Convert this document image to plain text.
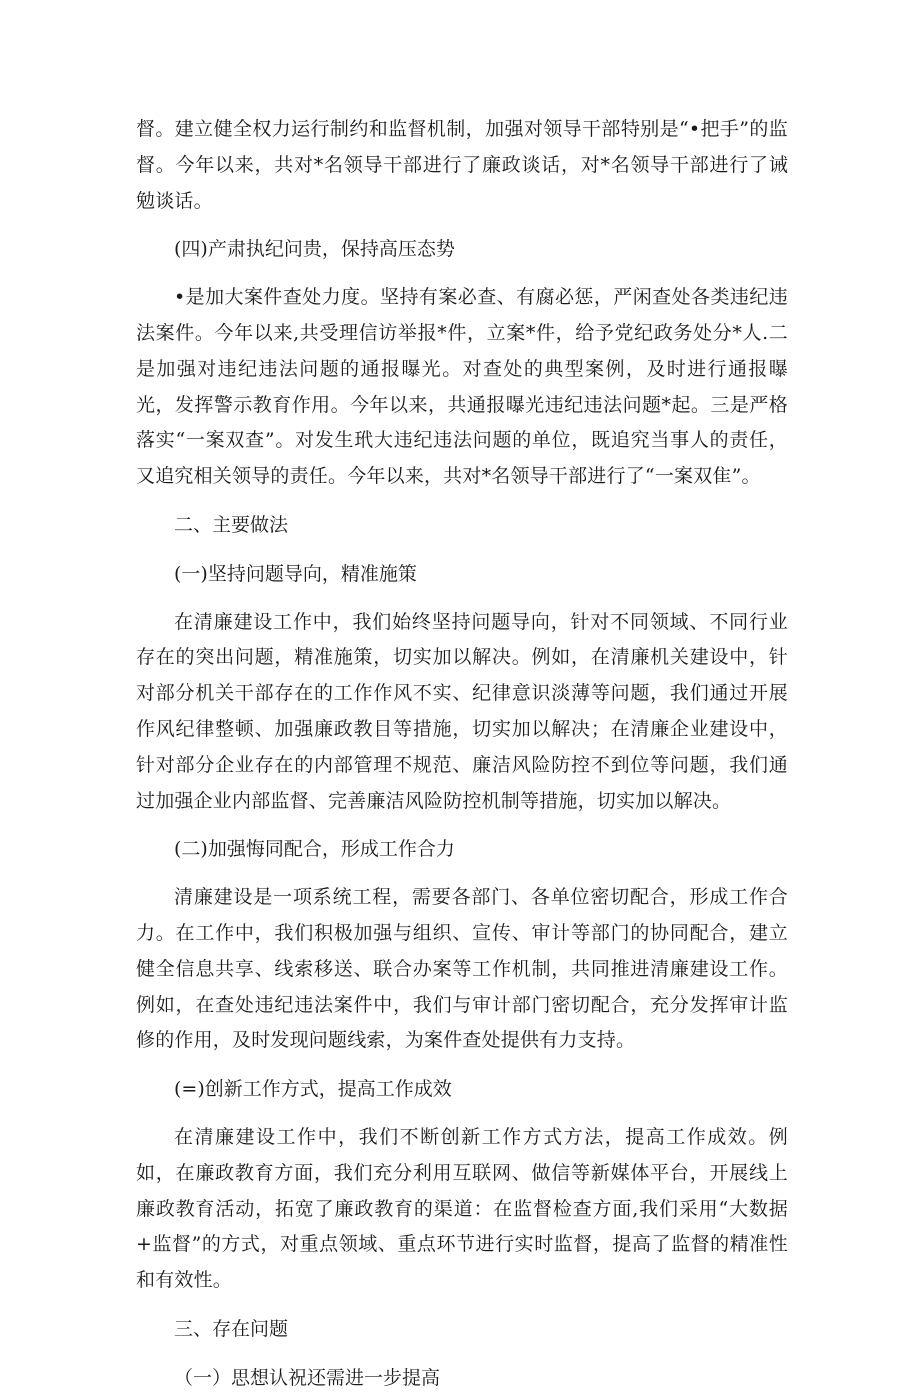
督。建立健全权力运行制约和监督机制，加强对领导干部特别是“•把手”的监督。今年以来，共对*名领导干部进行了廉政谈话，对*名领导干部进行了诫勉谈话。

(四)产肃执纪问贵，保持高压态势

•是加大案件查处力度。坚持有案必查、有腐必惩，严闲查处各类违纪违法案件。今年以来,共受理信访举报*件，立案*件，给予党纪政务处分*人.二是加强对违纪违法问题的通报曝光。对查处的典型案例，及时进行通报曝光，发挥警示教育作用。今年以来，共通报曝光违纪违法问题*起。三是严格落实“一案双查”。对发生玳大违纪违法问题的单位，既追究当事人的责任，又追究相关领导的责任。今年以来，共对*名领导干部进行了“一案双隹”。

二、主要做法

(一)坚持问题导向，精准施策

在清廉建设工作中，我们始终坚持问题导向，针对不同领域、不同行业存在的突出问题，精准施策，切实加以解决。例如，在清廉机关建设中，针对部分机关干部存在的工作作风不实、纪律意识淡薄等问题，我们通过开展作风纪律整顿、加强廉政教目等措施，切实加以解决；在清廉企业建设中，针对部分企业存在的内部管理不规范、廉洁风险防控不到位等问题，我们通过加强企业内部监督、完善廉洁风险防控机制等措施，切实加以解决。

(二)加强悔同配合，形成工作合力

清廉建设是一项系统工程，需要各部门、各单位密切配合，形成工作合力。在工作中，我们积极加强与组织、宣传、审计等部门的协同配合，建立健全信息共享、线索移送、联合办案等工作机制，共同推进清廉建设工作。例如，在查处违纪违法案件中，我们与审计部门密切配合，充分发挥审计监修的作用，及时发现问题线索，为案件查处提供有力支持。

(=)创新工作方式，提高工作成效

在清廉建设工作中，我们不断创新工作方式方法，提高工作成效。例如，在廉政教育方面，我们充分利用互联网、做信等新媒体平台，开展线上廉政教育活动，拓宽了廉政教育的渠道：在监督检查方面,我们采用“大数据+监督”的方式，对重点领域、重点环节进行实时监督，提高了监督的精准性和有效性。

三、存在问题

（一）思想认祝还需进一步提高
